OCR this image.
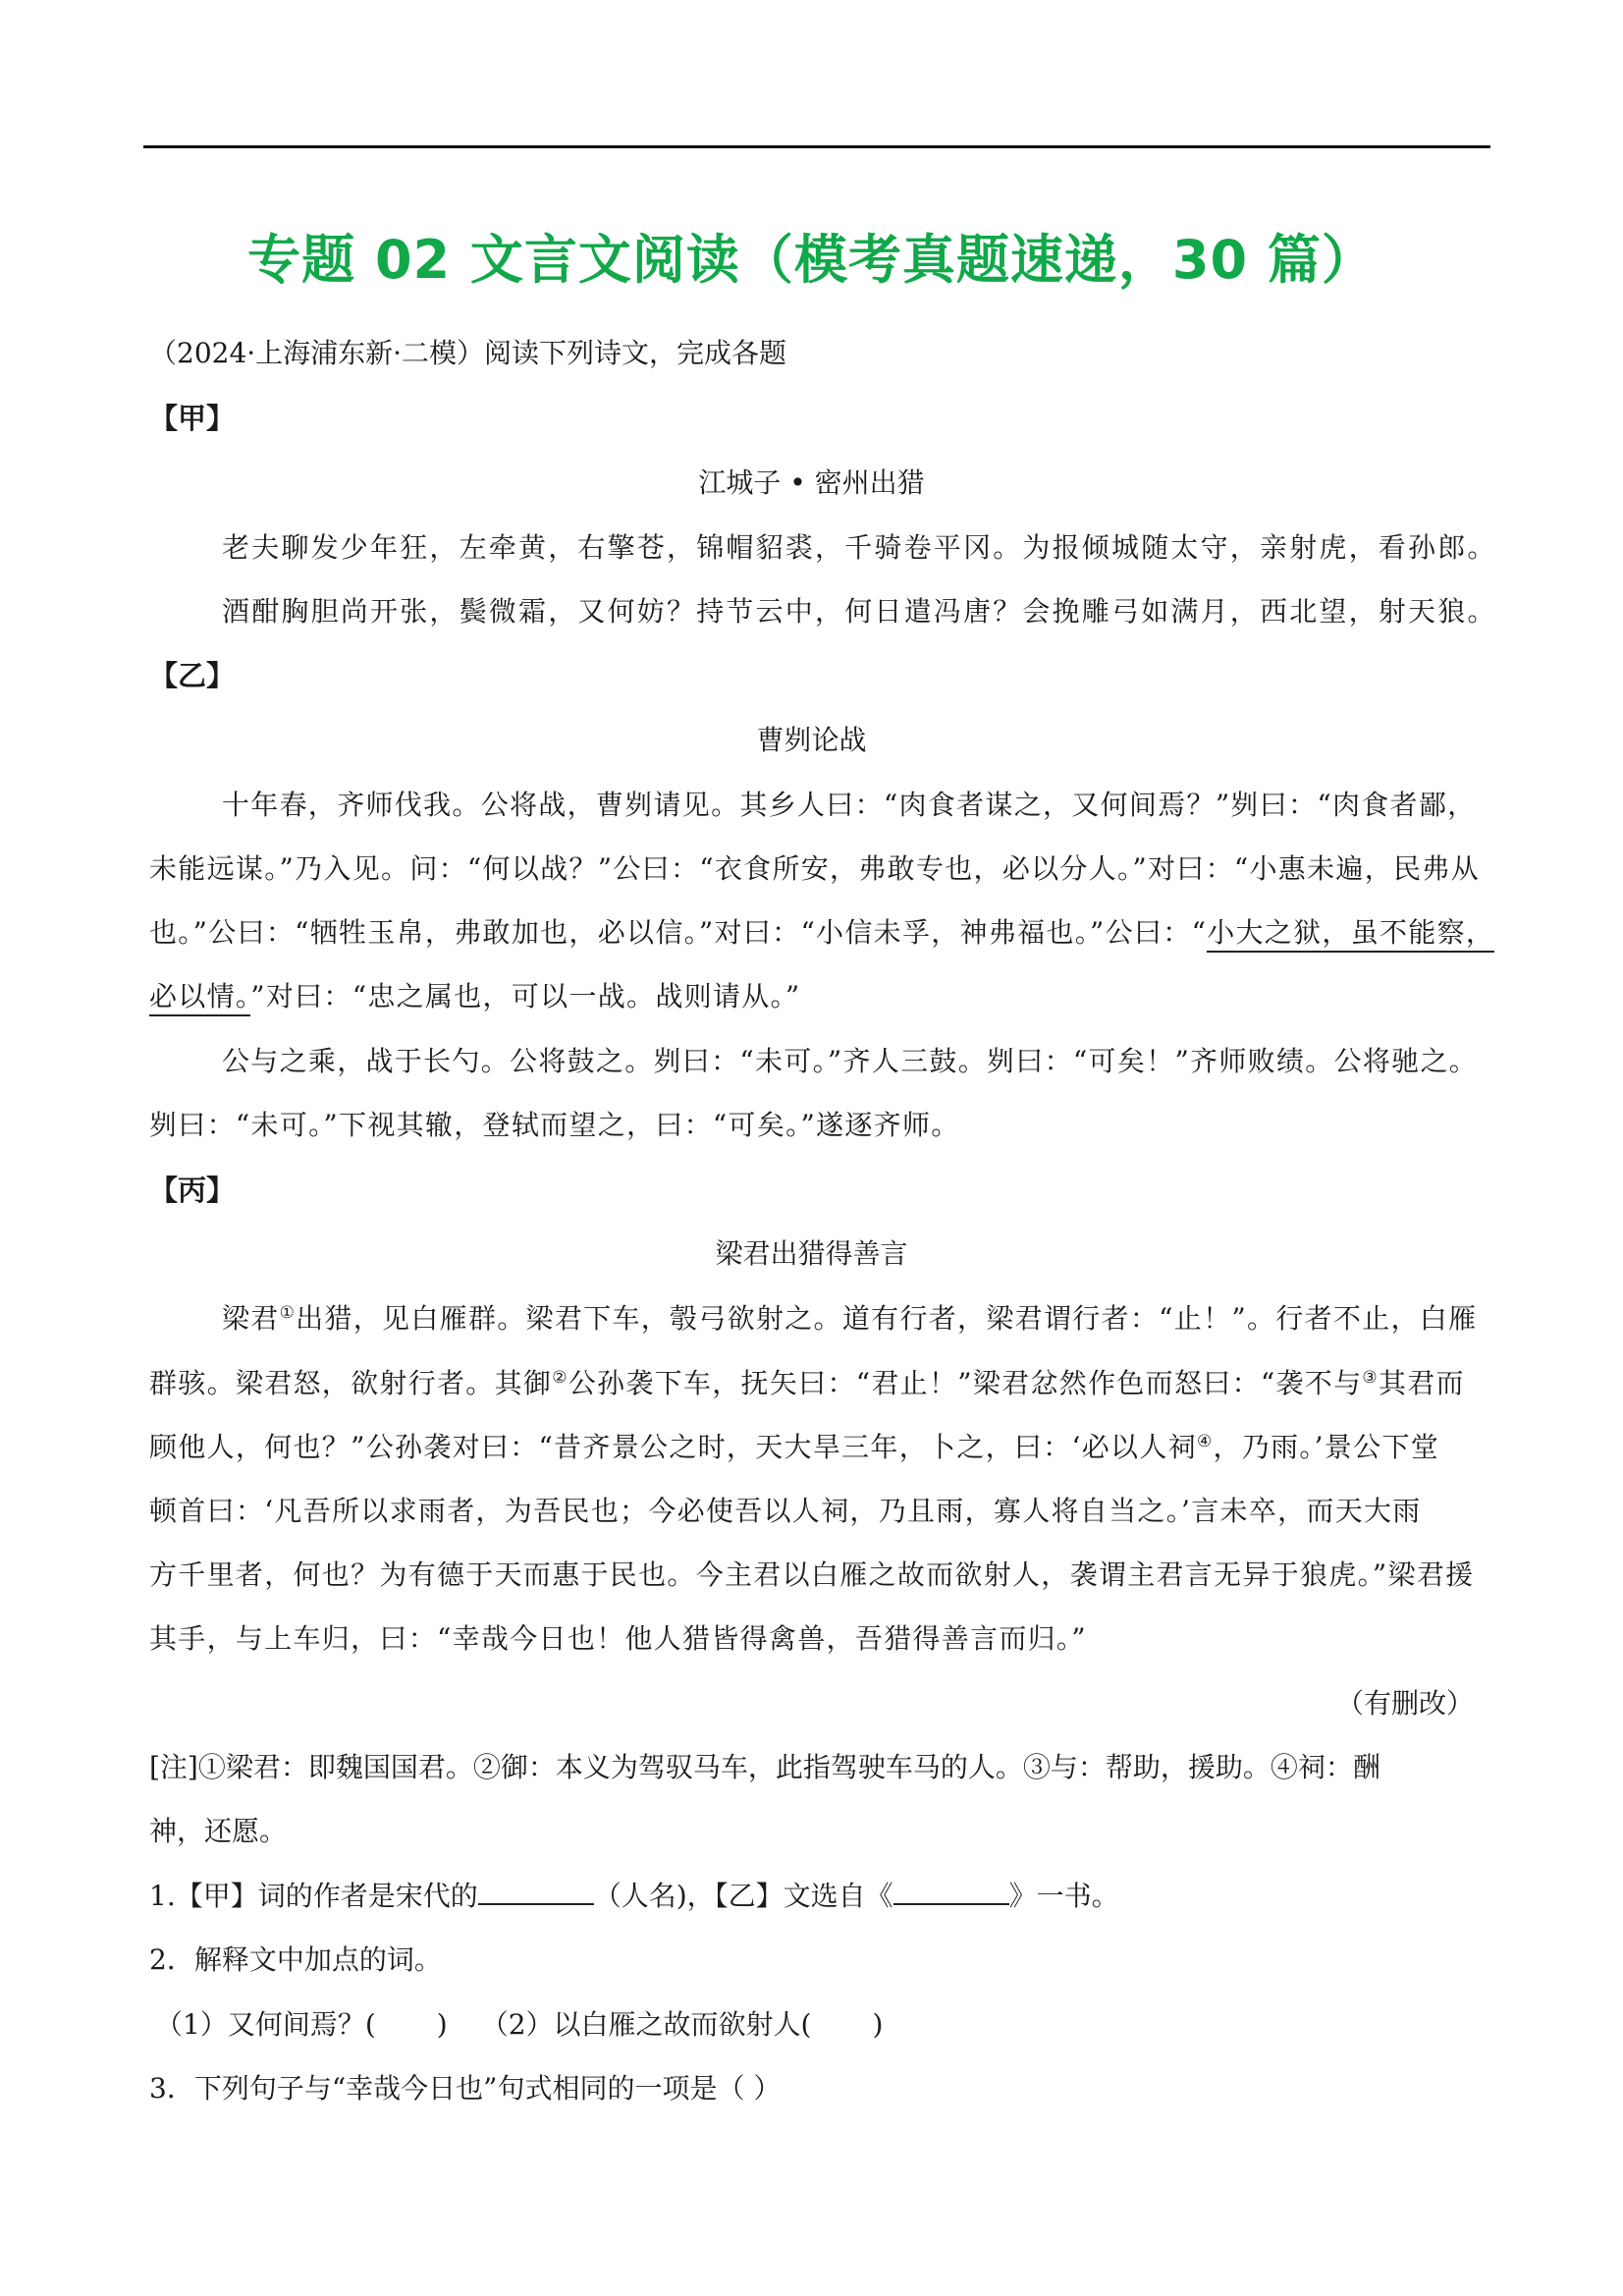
专题 02 文言文阅读（模考真题速递，30 篇）
（2024·上海浦东新·二模）阅读下列诗文，完成各题
【甲】
江城子 • 密州出猎
老夫聊发少年狂，左牵黄，右擎苍，锦帽貂裘，千骑卷平冈。为报倾城随太守，亲射虎，看孙郎。
酒酣胸胆尚开张，鬓微霜，又何妨？持节云中，何日遣冯唐？会挽雕弓如满月，西北望，射天狼。
【乙】
曹刿论战
十年春，齐师伐我。公将战，曹刿请见。其乡人曰：“肉食者谋之，又何间焉？”刿曰：“肉食者鄙，
未能远谋。”乃入见。问：“何以战？”公曰：“衣食所安，弗敢专也，必以分人。”对曰：“小惠未遍，民弗从
也。”公曰：“牺牲玉帛，弗敢加也，必以信。”对曰：“小信未孚，神弗福也。”公曰：“小大之狱，虽不能察，
必以情。”对曰：“忠之属也，可以一战。战则请从。”
公与之乘，战于长勺。公将鼓之。刿曰：“未可。”齐人三鼓。刿曰：“可矣！”齐师败绩。公将驰之。
刿曰：“未可。”下视其辙，登轼而望之，曰：“可矣。”遂逐齐师。
【丙】
梁君出猎得善言
梁君①出猎，见白雁群。梁君下车，彀弓欲射之。道有行者，梁君谓行者：“止！”。行者不止，白雁
群骇。梁君怒，欲射行者。其御②公孙袭下车，抚矢曰：“君止！”梁君忿然作色而怒曰：“袭不与③其君而
顾他人，何也？”公孙袭对曰：“昔齐景公之时，天大旱三年，卜之，曰：‘必以人祠④，乃雨。’景公下堂
顿首曰：‘凡吾所以求雨者，为吾民也；今必使吾以人祠，乃且雨，寡人将自当之。’言未卒，而天大雨
方千里者，何也？为有德于天而惠于民也。今主君以白雁之故而欲射人，袭谓主君言无异于狼虎。”梁君援
其手，与上车归，曰：“幸哉今日也！他人猎皆得禽兽，吾猎得善言而归。”
（有删改）
[注]①梁君：即魏国国君。②御：本义为驾驭马车，此指驾驶车马的人。③与：帮助，援助。④祠：酬
神，还愿。
1.【甲】词的作者是宋代的	（人名)，【乙】文选自《	》一书。
2．解释文中加点的词。
（1）又何间焉？( ) （2）以白雁之故而欲射人( )
3．下列句子与“幸哉今日也”句式相同的一项是（ ）
